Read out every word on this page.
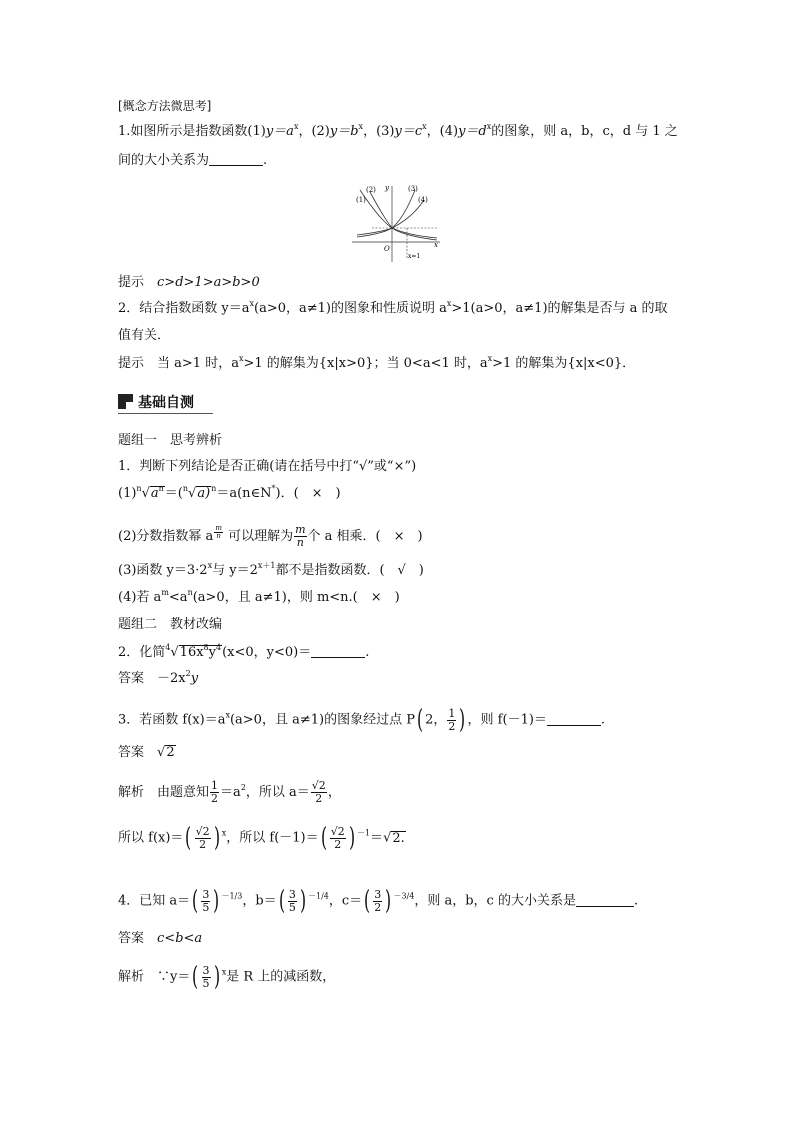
[概念方法微思考]
1.如图所示是指数函数$(1)y=a^x$，$(2)y=b^x$，$(3)y=c^x$，$(4)y=d^x$的图象，则 a，b，c，d 与 1 之
间的大小关系为	.
(1)
(2) y	(3)
(4)
x
O
x=1
提示　 c>d>1>a>b>0
2．结合指数函数 $y=a^x(a>0$，a≠1)的图象和性质说明 $a^x>1(a>0$，a≠1)的解集是否与 a 的取
值有关．
提示　 当 a>1 时，$a^x>1$ 的解集为{x|x>0}；当 0<a<1 时，$a^x>1$ 的解集为{x|x<0}．
基础自测
题组一　思考辨析
1．判断下列结论是否正确(请在括号中打“√”或“×”)
$(1)^n√a^n=(^n√a)^n=a(n\in N^*)$．(　×　)
(2)分数指数幂 a $^{\frac{m}{n}}$ 可以理解为 $\frac{m}{n}$ 个 a 相乘．(　×　)
(3)函数 $y=3\cdot 2^x$与 $y=2^{x+1}$都不是指数函数．(　√　)
(4)若 $a^m<a^n(a>0$，且 a≠1)，则 m<n.(　×　)
题组二　教材改编
2．化简$^4√16x^8y^4(x<0$，y<0)＝	.
答案　 $-2x^2y$
3．若函数 $f(x)=a^x(a>0$，且 a≠1)的图象经过点 P( 2， $\frac{1}{2}$ ) ，则 f(－1)＝	.
答案　√2
解析　 由题意知 $\frac{1}{2} =a^2$，所以 $a= \frac{√2}{2}$ ，
所以 $f(x)=( \frac{√2}{2}$ ) $^x$，所以 $f(-1)=( \frac{√2}{2}$ ) $^{-1}$＝√2.
4．已知 $a=( \frac{3}{5}$ ) $^{-1/3}$，$b=( \frac{3}{5}$ ) $^{-1/4}$，$c=( \frac{3}{2}$ ) $^{-3/4}$，则 a，b，c 的大小关系是	.
答案　 c<b<a
解析　 ∵y＝( $\frac{3}{5}$ ) $^x$是 R 上的减函数，
